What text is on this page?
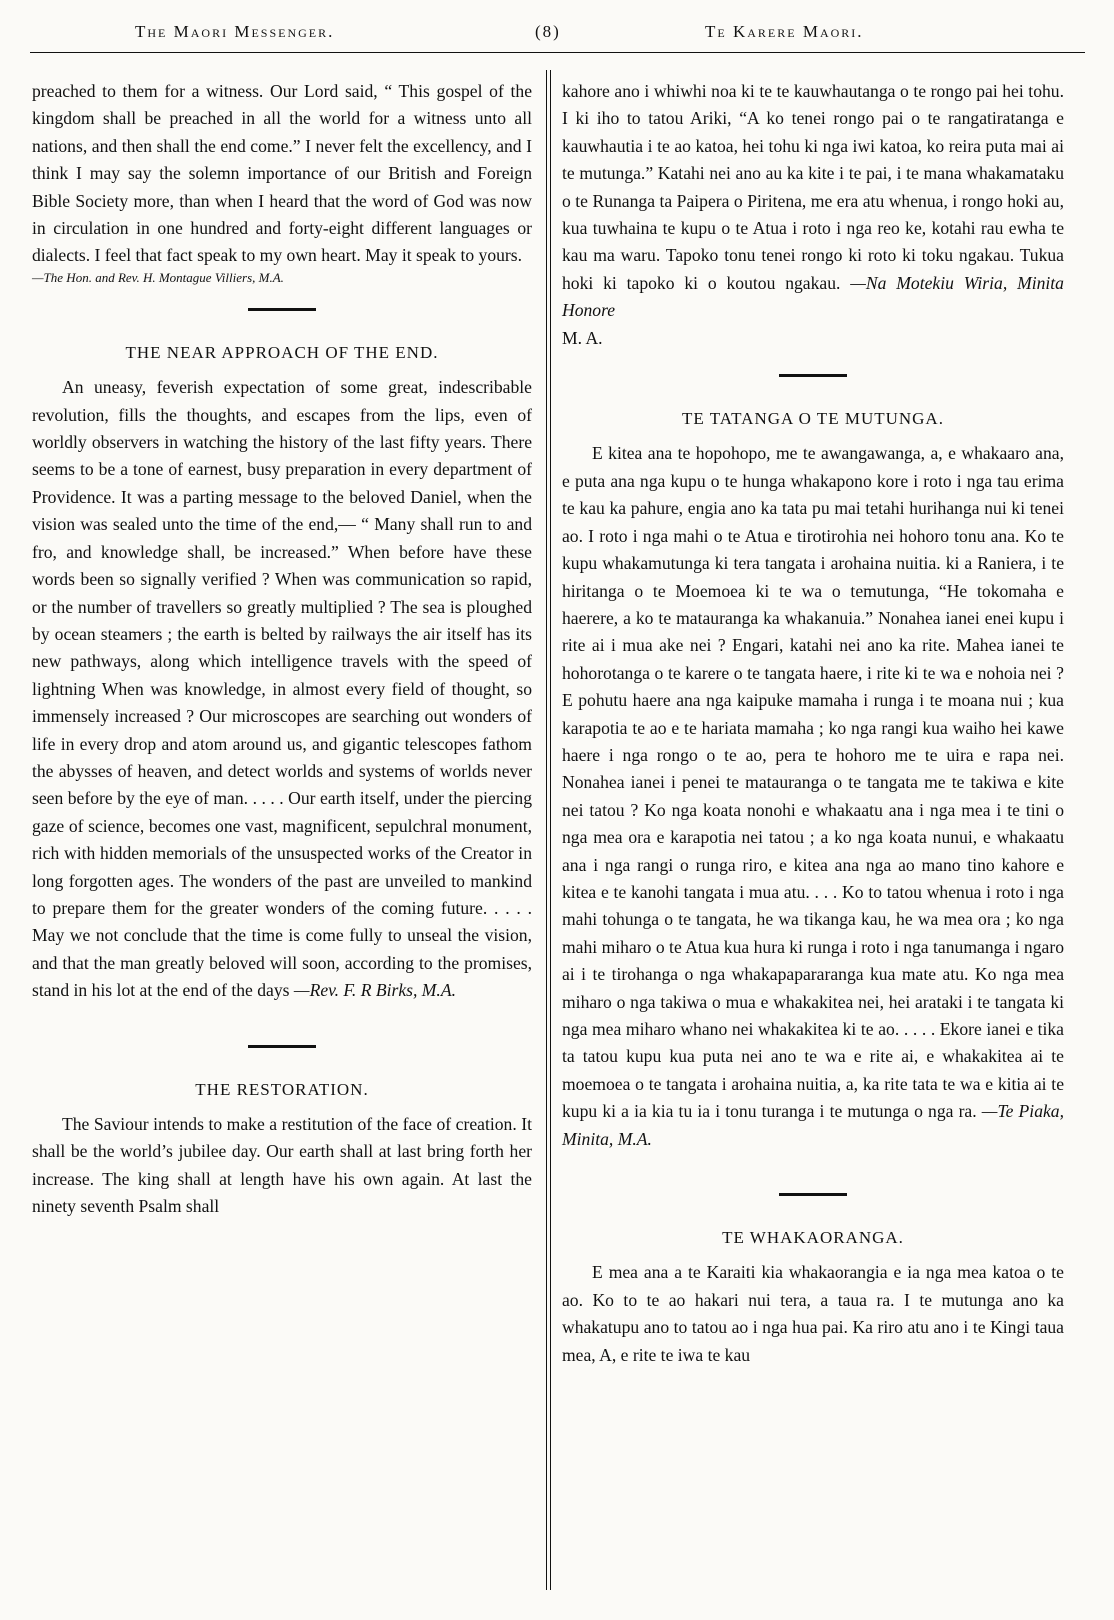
The Maori Messenger.	(8)	Te Karere Maori.

preached to them for a witness. Our Lord said, “ This gospel of the kingdom shall be preached in all the world for a witness unto all nations, and then shall the end come.” I never felt the excellency, and I think I may say the solemn importance of our British and Foreign Bible Society more, than when I heard that the word of God was now in circulation in one hundred and forty-eight different languages or dialects. I feel that fact speak to my own heart. May it speak to yours.

—The Hon. and Rev. H. Montague Villiers, M.A.

THE NEAR APPROACH OF THE END.

An uneasy, feverish expectation of some great, indescribable revolution, fills the thoughts, and escapes from the lips, even of worldly observers in watching the history of the last fifty years. There seems to be a tone of earnest, busy preparation in every department of Providence. It was a parting message to the beloved Daniel, when the vision was sealed unto the time of the end,— “ Many shall run to and fro, and knowledge shall, be increased.” When before have these words been so signally verified ? When was communication so rapid, or the number of travellers so greatly multiplied ? The sea is ploughed by ocean steamers ; the earth is belted by railways the air itself has its new pathways, along which intelligence travels with the speed of lightning When was knowledge, in almost every field of thought, so immensely increased ? Our microscopes are searching out wonders of life in every drop and atom around us, and gigantic telescopes fathom the abysses of heaven, and detect worlds and systems of worlds never seen before by the eye of man. . . . . Our earth itself, under the piercing gaze of science, becomes one vast, magnificent, sepulchral monument, rich with hidden memorials of the unsuspected works of the Creator in long forgotten ages. The wonders of the past are unveiled to mankind to prepare them for the greater wonders of the coming future. . . . . May we not conclude that the time is come fully to unseal the vision, and that the man greatly beloved will soon, according to the promises, stand in his lot at the end of the days —Rev. F. R Birks, M.A.

THE RESTORATION.

The Saviour intends to make a restitution of the face of creation. It shall be the world’s jubilee day. Our earth shall at last bring forth her increase. The king shall at length have his own again. At last the ninety seventh Psalm shall

kahore ano i whiwhi noa ki te te kauwhautanga o te rongo pai hei tohu. I ki iho to tatou Ariki, “A ko tenei rongo pai o te rangatiratanga e kauwhautia i te ao katoa, hei tohu ki nga iwi katoa, ko reira puta mai ai te mutunga.” Katahi nei ano au ka kite i te pai, i te mana whakamataku o te Runanga ta Paipera o Piritena, me era atu whenua, i rongo hoki au, kua tuwhaina te kupu o te Atua i roto i nga reo ke, kotahi rau ewha te kau ma waru. Tapoko tonu tenei rongo ki roto ki toku ngakau. Tukua hoki ki tapoko ki o koutou ngakau. —Na Motekiu Wiria, Minita Honore

M. A.

TE TATANGA O TE MUTUNGA.

E kitea ana te hopohopo, me te awangawanga, a, e whakaaro ana, e puta ana nga kupu o te hunga whakapono kore i roto i nga tau erima te kau ka pahure, engia ano ka tata pu mai tetahi hurihanga nui ki tenei ao. I roto i nga mahi o te Atua e tirotirohia nei hohoro tonu ana. Ko te kupu whakamutunga ki tera tangata i arohaina nuitia. ki a Raniera, i te hiritanga o te Moemoea ki te wa o temutunga, “He tokomaha e haerere, a ko te matauranga ka whakanuia.” Nonahea ianei enei kupu i rite ai i mua ake nei ? Engari, katahi nei ano ka rite. Mahea ianei te hohorotanga o te karere o te tangata haere, i rite ki te wa e nohoia nei ? E pohutu haere ana nga kaipuke mamaha i runga i te moana nui ; kua karapotia te ao e te hariata mamaha ; ko nga rangi kua waiho hei kawe haere i nga rongo o te ao, pera te hohoro me te uira e rapa nei. Nonahea ianei i penei te matauranga o te tangata me te takiwa e kite nei tatou ? Ko nga koata nonohi e whakaatu ana i nga mea i te tini o nga mea ora e karapotia nei tatou ; a ko nga koata nunui, e whakaatu ana i nga rangi o runga riro, e kitea ana nga ao mano tino kahore e kitea e te kanohi tangata i mua atu. . . . Ko to tatou whenua i roto i nga mahi tohunga o te tangata, he wa tikanga kau, he wa mea ora ; ko nga mahi miharo o te Atua kua hura ki runga i roto i nga tanumanga i ngaro ai i te tirohanga o nga whakapapararanga kua mate atu. Ko nga mea miharo o nga takiwa o mua e whakakitea nei, hei arataki i te tangata ki nga mea miharo whano nei whakakitea ki te ao. . . . . Ekore ianei e tika ta tatou kupu kua puta nei ano te wa e rite ai, e whakakitea ai te moemoea o te tangata i arohaina nuitia, a, ka rite tata te wa e kitia ai te kupu ki a ia kia tu ia i tonu turanga i te mutunga o nga ra. —Te Piaka, Minita, M.A.

TE WHAKAORANGA.

E mea ana a te Karaiti kia whakaorangia e ia nga mea katoa o te ao. Ko to te ao hakari nui tera, a taua ra. I te mutunga ano ka whakatupu ano to tatou ao i nga hua pai. Ka riro atu ano i te Kingi taua mea, A, e rite te iwa te kau
